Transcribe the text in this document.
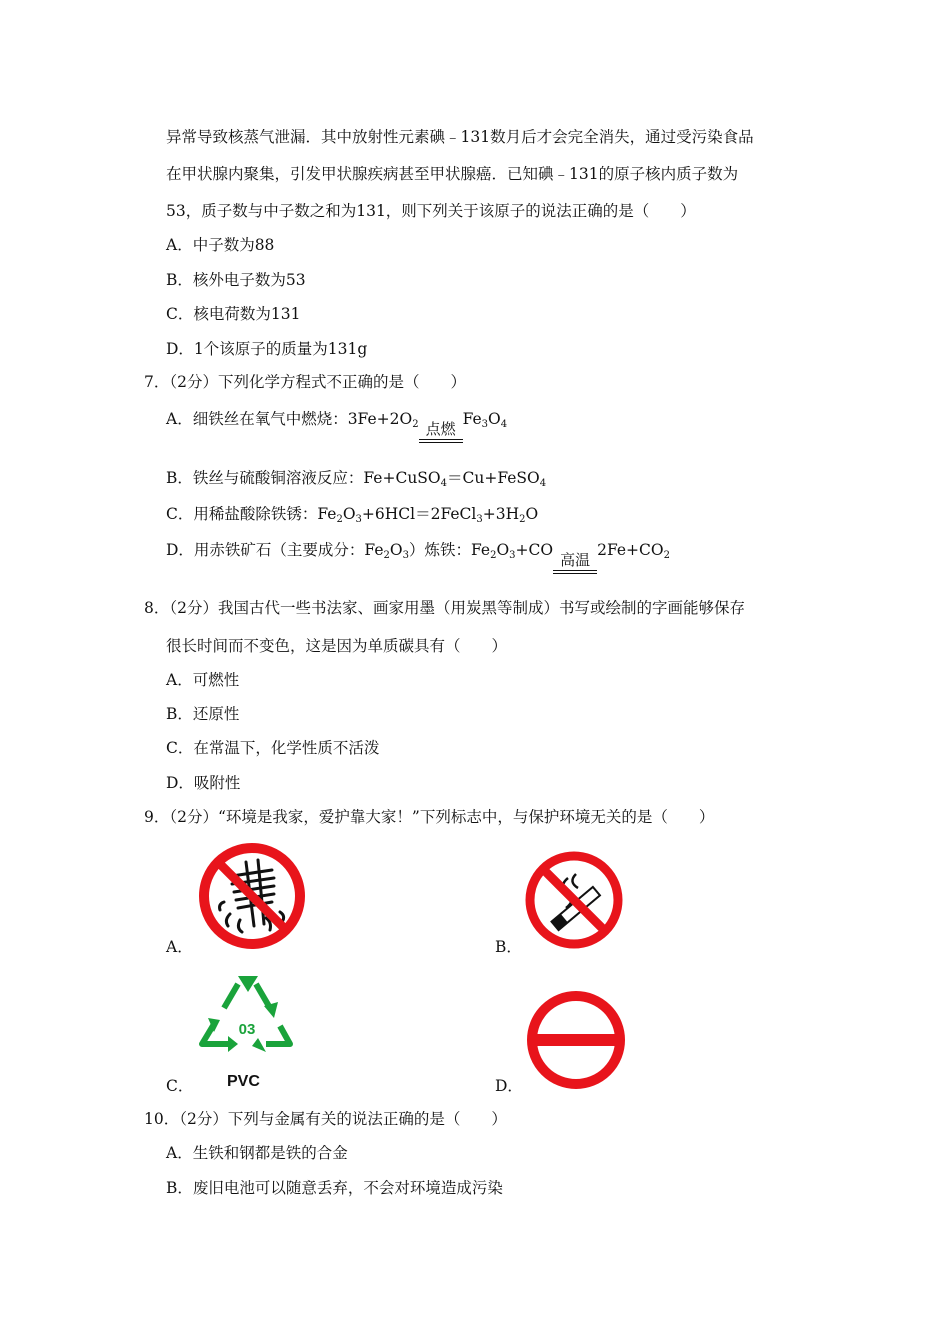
异常导致核蒸气泄漏．其中放射性元素碘﹣131数月后才会完全消失，通过受污染食品
在甲状腺内聚集，引发甲状腺疾病甚至甲状腺癌．已知碘﹣131的原子核内质子数为
53，质子数与中子数之和为131，则下列关于该原子的说法正确的是（　　）
A．中子数为88
B．核外电子数为53
C．核电荷数为131
D．1个该原子的质量为131g
7．（2分）下列化学方程式不正确的是（　　）
A．细铁丝在氧气中燃烧：$3Fe+2O_2$ 点燃
$Fe_3O_4$
B．铁丝与硫酸铜溶液反应：Fe+CuSO$_4$＝Cu+FeSO$_4$
C．用稀盐酸除铁锈：$Fe_2O_3+6HCl=2FeCl_3+3H_2O$
D．用赤铁矿石（主要成分：$Fe_2O_3$）炼铁：$Fe_2O_3+CO$
高温
$2Fe+CO_2$
8．（2分）我国古代一些书法家、画家用墨（用炭黑等制成）书写或绘制的字画能够保存
很长时间而不变色，这是因为单质碳具有（　　）
A．可燃性
B．还原性
C．在常温下，化学性质不活泼
D．吸附性
9．（2分）“环境是我家，爱护靠大家！”下列标志中，与保护环境无关的是（　　）
A．	B．
C．	D．
03
PVC
10．（2分）下列与金属有关的说法正确的是（　　）
A．生铁和钢都是铁的合金
B．废旧电池可以随意丢弃，不会对环境造成污染
